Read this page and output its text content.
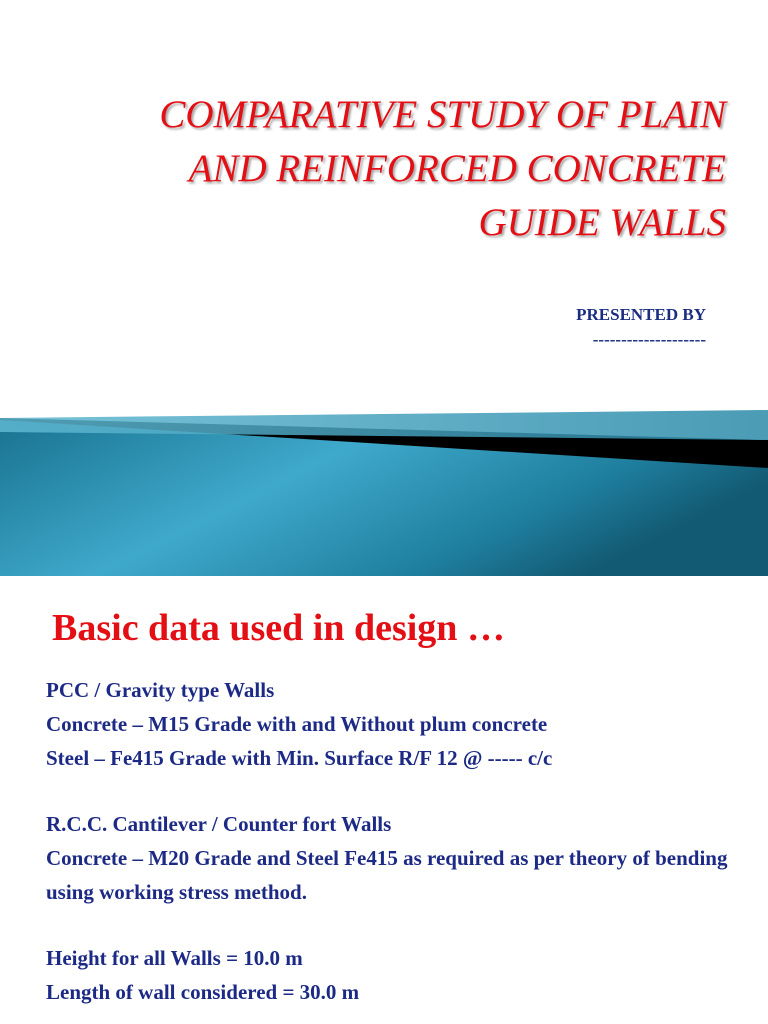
COMPARATIVE STUDY OF PLAIN
AND REINFORCED CONCRETE
GUIDE WALLS
PRESENTED BY
--------------------
Basic data used in design …

PCC / Gravity type Walls

Concrete – M15 Grade with and Without plum concrete

Steel – Fe415 Grade with Min. Surface R/F 12 @ ----- c/c

R.C.C. Cantilever / Counter fort Walls

Concrete – M20 Grade and Steel Fe415 as required as per theory of bending using working stress method.

Height for all Walls = 10.0 m

Length of wall considered = 30.0 m
